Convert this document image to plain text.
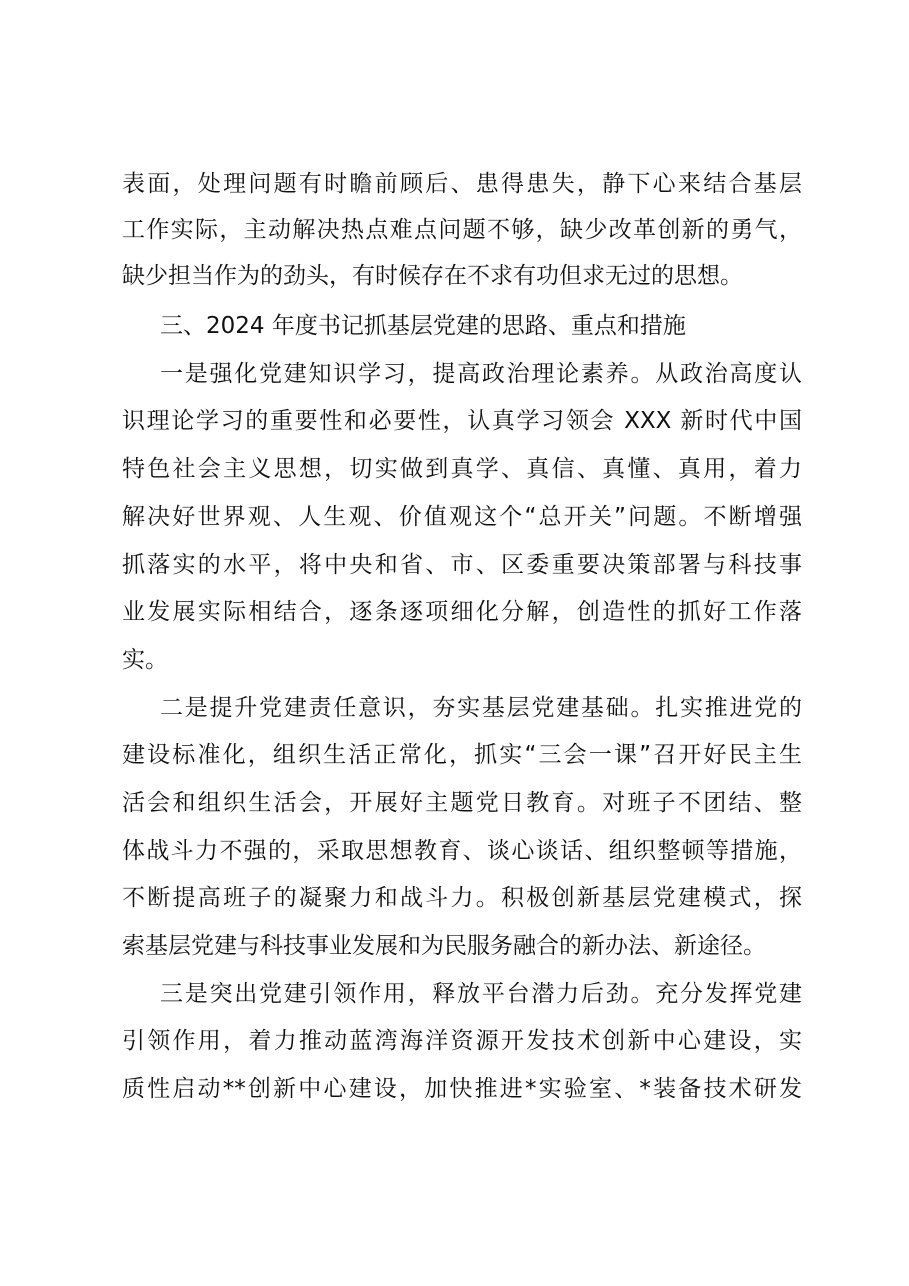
表面，处理问题有时瞻前顾后、患得患失，静下心来结合基层
工作实际，主动解决热点难点问题不够，缺少改革创新的勇气，
缺少担当作为的劲头，有时候存在不求有功但求无过的思想。
三、2024 年度书记抓基层党建的思路、重点和措施
一是强化党建知识学习，提高政治理论素养。从政治高度认
识理论学习的重要性和必要性，认真学习领会 XXX 新时代中国
特色社会主义思想，切实做到真学、真信、真懂、真用，着力
解决好世界观、人生观、价值观这个“总开关”问题。不断增强
抓落实的水平，将中央和省、市、区委重要决策部署与科技事
业发展实际相结合，逐条逐项细化分解，创造性的抓好工作落
实。
二是提升党建责任意识，夯实基层党建基础。扎实推进党的
建设标准化，组织生活正常化，抓实“三会一课”召开好民主生
活会和组织生活会，开展好主题党日教育。对班子不团结、整
体战斗力不强的，采取思想教育、谈心谈话、组织整顿等措施，
不断提高班子的凝聚力和战斗力。积极创新基层党建模式，探
索基层党建与科技事业发展和为民服务融合的新办法、新途径。
三是突出党建引领作用，释放平台潜力后劲。充分发挥党建
引领作用，着力推动蓝湾海洋资源开发技术创新中心建设，实
质性启动**创新中心建设，加快推进*实验室、*装备技术研发
